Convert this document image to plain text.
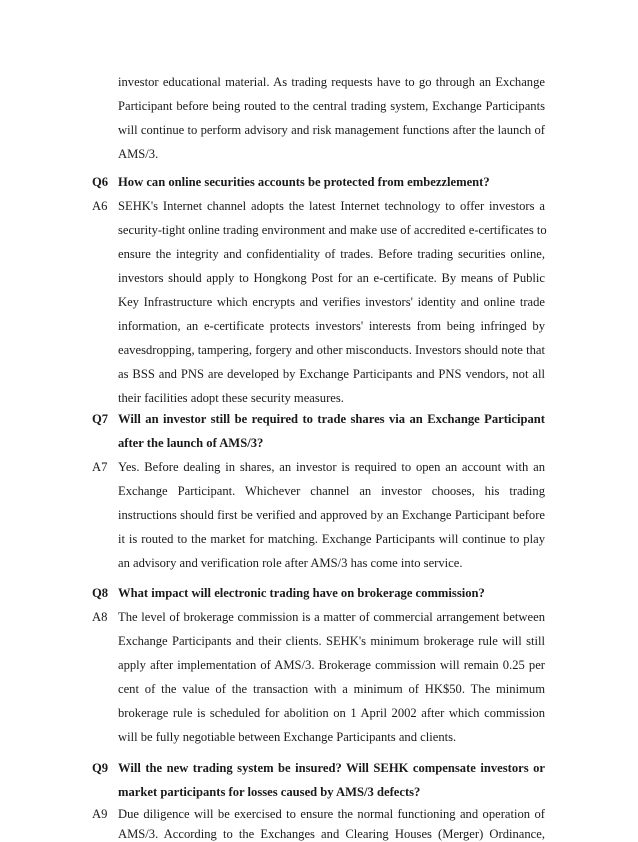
investor educational material. As trading requests have to go through an Exchange
Participant before being routed to the central trading system, Exchange Participants
will continue to perform advisory and risk management functions after the launch of
AMS/3.
Q6 How can online securities accounts be protected from embezzlement?
A6 SEHK's Internet channel adopts the latest Internet technology to offer investors a
security-tight online trading environment and make use of accredited e-certificates to
ensure the integrity and confidentiality of trades. Before trading securities online,
investors should apply to Hongkong Post for an e-certificate. By means of Public
Key Infrastructure which encrypts and verifies investors' identity and online trade
information, an e-certificate protects investors' interests from being infringed by
eavesdropping, tampering, forgery and other misconducts. Investors should note that
as BSS and PNS are developed by Exchange Participants and PNS vendors, not all
their facilities adopt these security measures.
Q7 Will an investor still be required to trade shares via an Exchange Participant
after the launch of AMS/3?
A7 Yes. Before dealing in shares, an investor is required to open an account with an
Exchange Participant. Whichever channel an investor chooses, his trading
instructions should first be verified and approved by an Exchange Participant before
it is routed to the market for matching. Exchange Participants will continue to play
an advisory and verification role after AMS/3 has come into service.
Q8 What impact will electronic trading have on brokerage commission?
A8 The level of brokerage commission is a matter of commercial arrangement between
Exchange Participants and their clients. SEHK's minimum brokerage rule will still
apply after implementation of AMS/3. Brokerage commission will remain 0.25 per
cent of the value of the transaction with a minimum of HK$50. The minimum
brokerage rule is scheduled for abolition on 1 April 2002 after which commission
will be fully negotiable between Exchange Participants and clients.
Q9 Will the new trading system be insured? Will SEHK compensate investors or
market participants for losses caused by AMS/3 defects?
A9 Due diligence will be exercised to ensure the normal functioning and operation of
AMS/3. According to the Exchanges and Clearing Houses (Merger) Ordinance,
